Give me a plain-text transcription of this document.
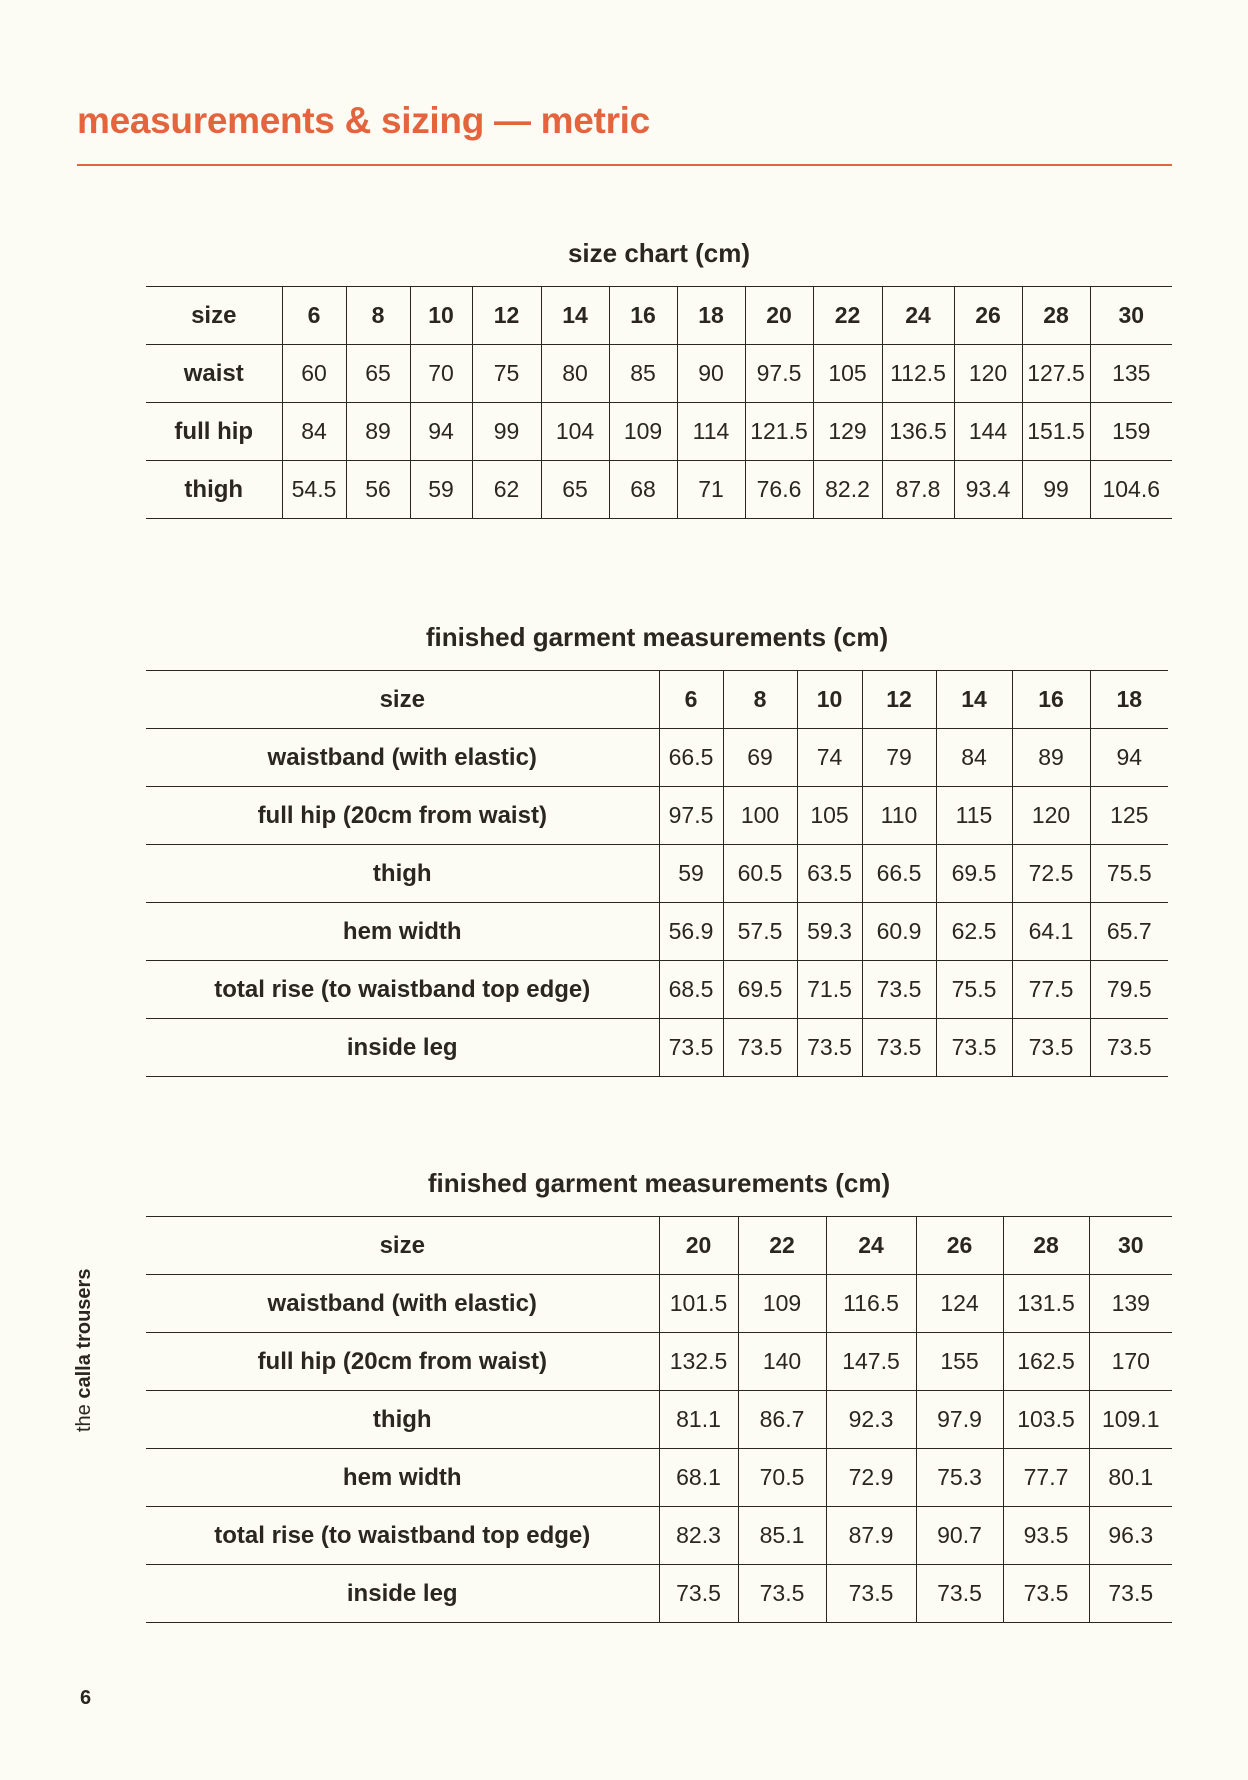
measurements & sizing — metric
size chart (cm)
size	6	8	10	12	14	16	18	20	22	24	26	28	30
waist	60	65	70	75	80	85	90	97.5	105	112.5	120	127.5	135
full hip	84	89	94	99	104	109	114	121.5	129	136.5	144	151.5	159
thigh	54.5	56	59	62	65	68	71	76.6	82.2	87.8	93.4	99	104.6
finished garment measurements (cm)
size	6	8	10	12	14	16	18
waistband (with elastic)	66.5	69	74	79	84	89	94
full hip (20cm from waist)	97.5	100	105	110	115	120	125
thigh	59	60.5	63.5	66.5	69.5	72.5	75.5
hem width	56.9	57.5	59.3	60.9	62.5	64.1	65.7
total rise (to waistband top edge)	68.5	69.5	71.5	73.5	75.5	77.5	79.5
inside leg	73.5	73.5	73.5	73.5	73.5	73.5	73.5
finished garment measurements (cm)
size	20	22	24	26	28	30
waistband (with elastic)	101.5	109	116.5	124	131.5	139
full hip (20cm from waist)	132.5	140	147.5	155	162.5	170
thigh	81.1	86.7	92.3	97.9	103.5	109.1
hem width	68.1	70.5	72.9	75.3	77.7	80.1
total rise (to waistband top edge)	82.3	85.1	87.9	90.7	93.5	96.3
inside leg	73.5	73.5	73.5	73.5	73.5	73.5
the calla trousers
6
